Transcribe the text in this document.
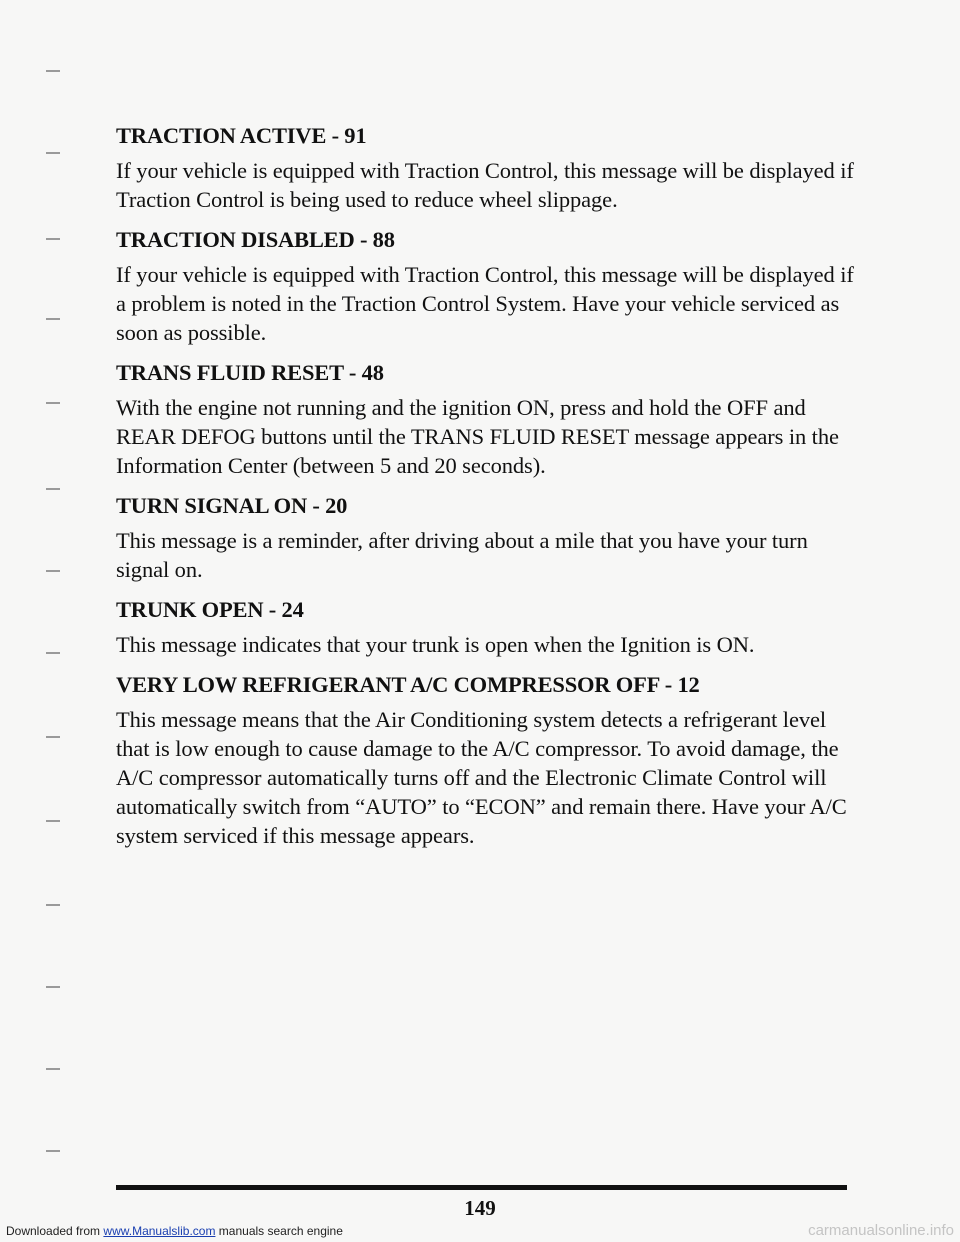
TRACTION ACTIVE - 91

If your vehicle is equipped with Traction Control, this message will be displayed if Traction Control is being used to reduce wheel slippage.

TRACTION DISABLED - 88

If your vehicle is equipped with Traction Control, this message will be displayed if a problem is noted in the Traction Control System. Have your vehicle serviced as soon as possible.

TRANS FLUID RESET - 48

With the engine not running and the ignition ON, press and hold the OFF and REAR DEFOG buttons until the TRANS FLUID RESET message appears in the Information Center (between 5 and 20 seconds).

TURN SIGNAL ON - 20

This message is a reminder, after driving about a mile that you have your turn signal on.

TRUNK OPEN - 24

This message indicates that your trunk is open when the Ignition is ON.

VERY LOW REFRIGERANT A/C COMPRESSOR OFF - 12

This message means that the Air Conditioning system detects a refrigerant level that is low enough to cause damage to the A/C compressor. To avoid damage, the A/C compressor automatically turns off and the Electronic Climate Control will automatically switch from “AUTO” to “ECON” and remain there. Have your A/C system serviced if this message appears.

149
Downloaded from www.Manualslib.com manuals search engine	carmanualsonline.info
